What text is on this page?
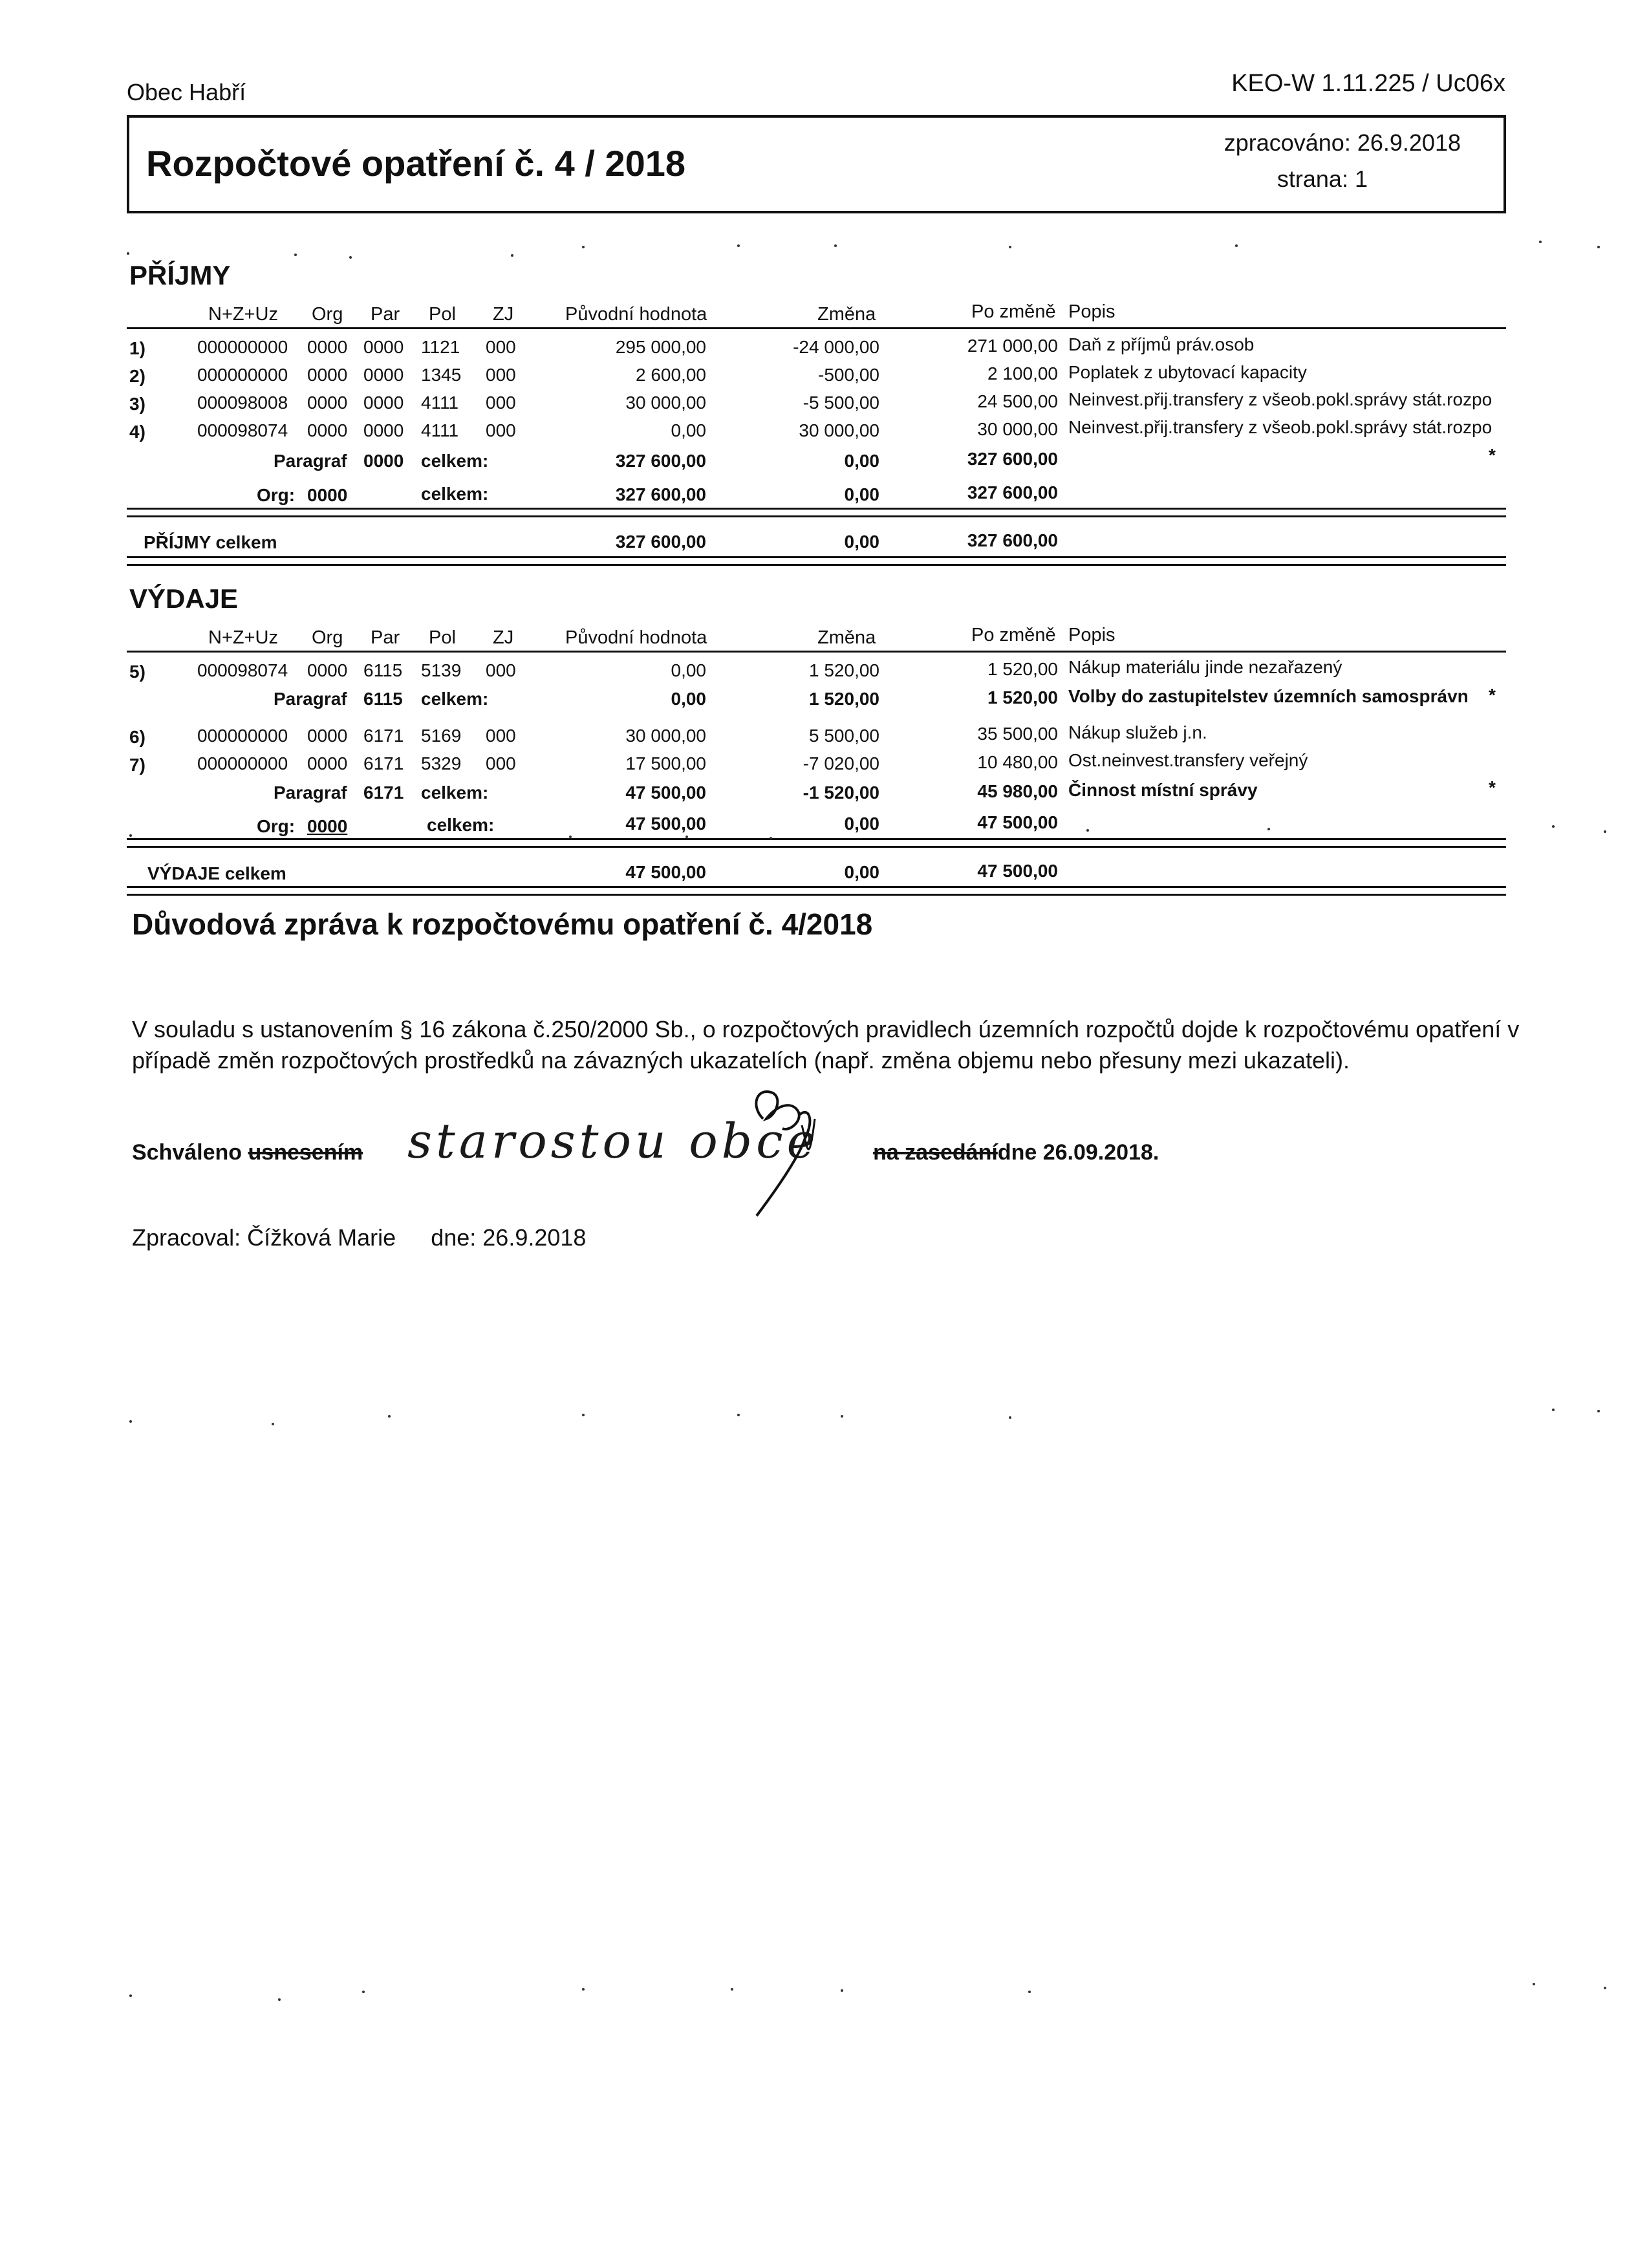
Obec Habří	KEO-W 1.11.225 / Uc06x
Rozpočtové opatření č. 4 / 2018
zpracováno: 26.9.2018
strana: 1
PŘÍJMY
N+Z+Uz Org Par Pol ZJ	Původní hodnota	Změna	Po změně Popis
1)	000000000 0000 0000 1121 000	295 000,00	-24 000,00	271 000,00 Daň z příjmů práv.osob
2)	000000000 0000 0000 1345 000	2 600,00	-500,00	2 100,00 Poplatek z ubytovací kapacity
3)	000098008 0000 0000 4111 000	30 000,00	-5 500,00	24 500,00 Neinvest.přij.transfery z všeob.pokl.správy stát.rozpo
4)	000098074 0000 0000 4111 000	0,00	30 000,00	30 000,00 Neinvest.přij.transfery z všeob.pokl.správy stát.rozpo
Paragraf 0000 celkem:	327 600,00	0,00	327 600,00	*
Org: 0000	celkem:	327 600,00	0,00	327 600,00
PŘÍJMY celkem	327 600,00	0,00	327 600,00
VÝDAJE
N+Z+Uz Org Par Pol ZJ	Původní hodnota	Změna	Po změně Popis
5)	000098074 0000 6115 5139 000	0,00	1 520,00	1 520,00 Nákup materiálu jinde nezařazený
Paragraf 6115 celkem:	0,00	1 520,00	1 520,00 Volby do zastupitelstev územních samosprávn *
6)	000000000 0000 6171 5169 000	30 000,00	5 500,00	35 500,00 Nákup služeb j.n.
7)	000000000 0000 6171 5329 000	17 500,00	-7 020,00	10 480,00 Ost.neinvest.transfery veřejný
Paragraf 6171 celkem:	47 500,00	-1 520,00	45 980,00 Činnost místní správy	*
Org: 0000	celkem:	47 500,00	0,00	47 500,00
VÝDAJE celkem	47 500,00	0,00	47 500,00
Důvodová zpráva k rozpočtovému opatření č. 4/2018
V souladu s ustanovením § 16 zákona č.250/2000 Sb., o rozpočtových pravidlech územních rozpočtů dojde k rozpočtovému opatření v případě změn rozpočtových prostředků na závazných ukazatelích (např. změna objemu nebo přesuny mezi ukazateli).
Schváleno usnesením	na zasedánídne 26.09.2018.
starostou obce
Zpracoval: Čížková Marie dne: 26.9.2018
